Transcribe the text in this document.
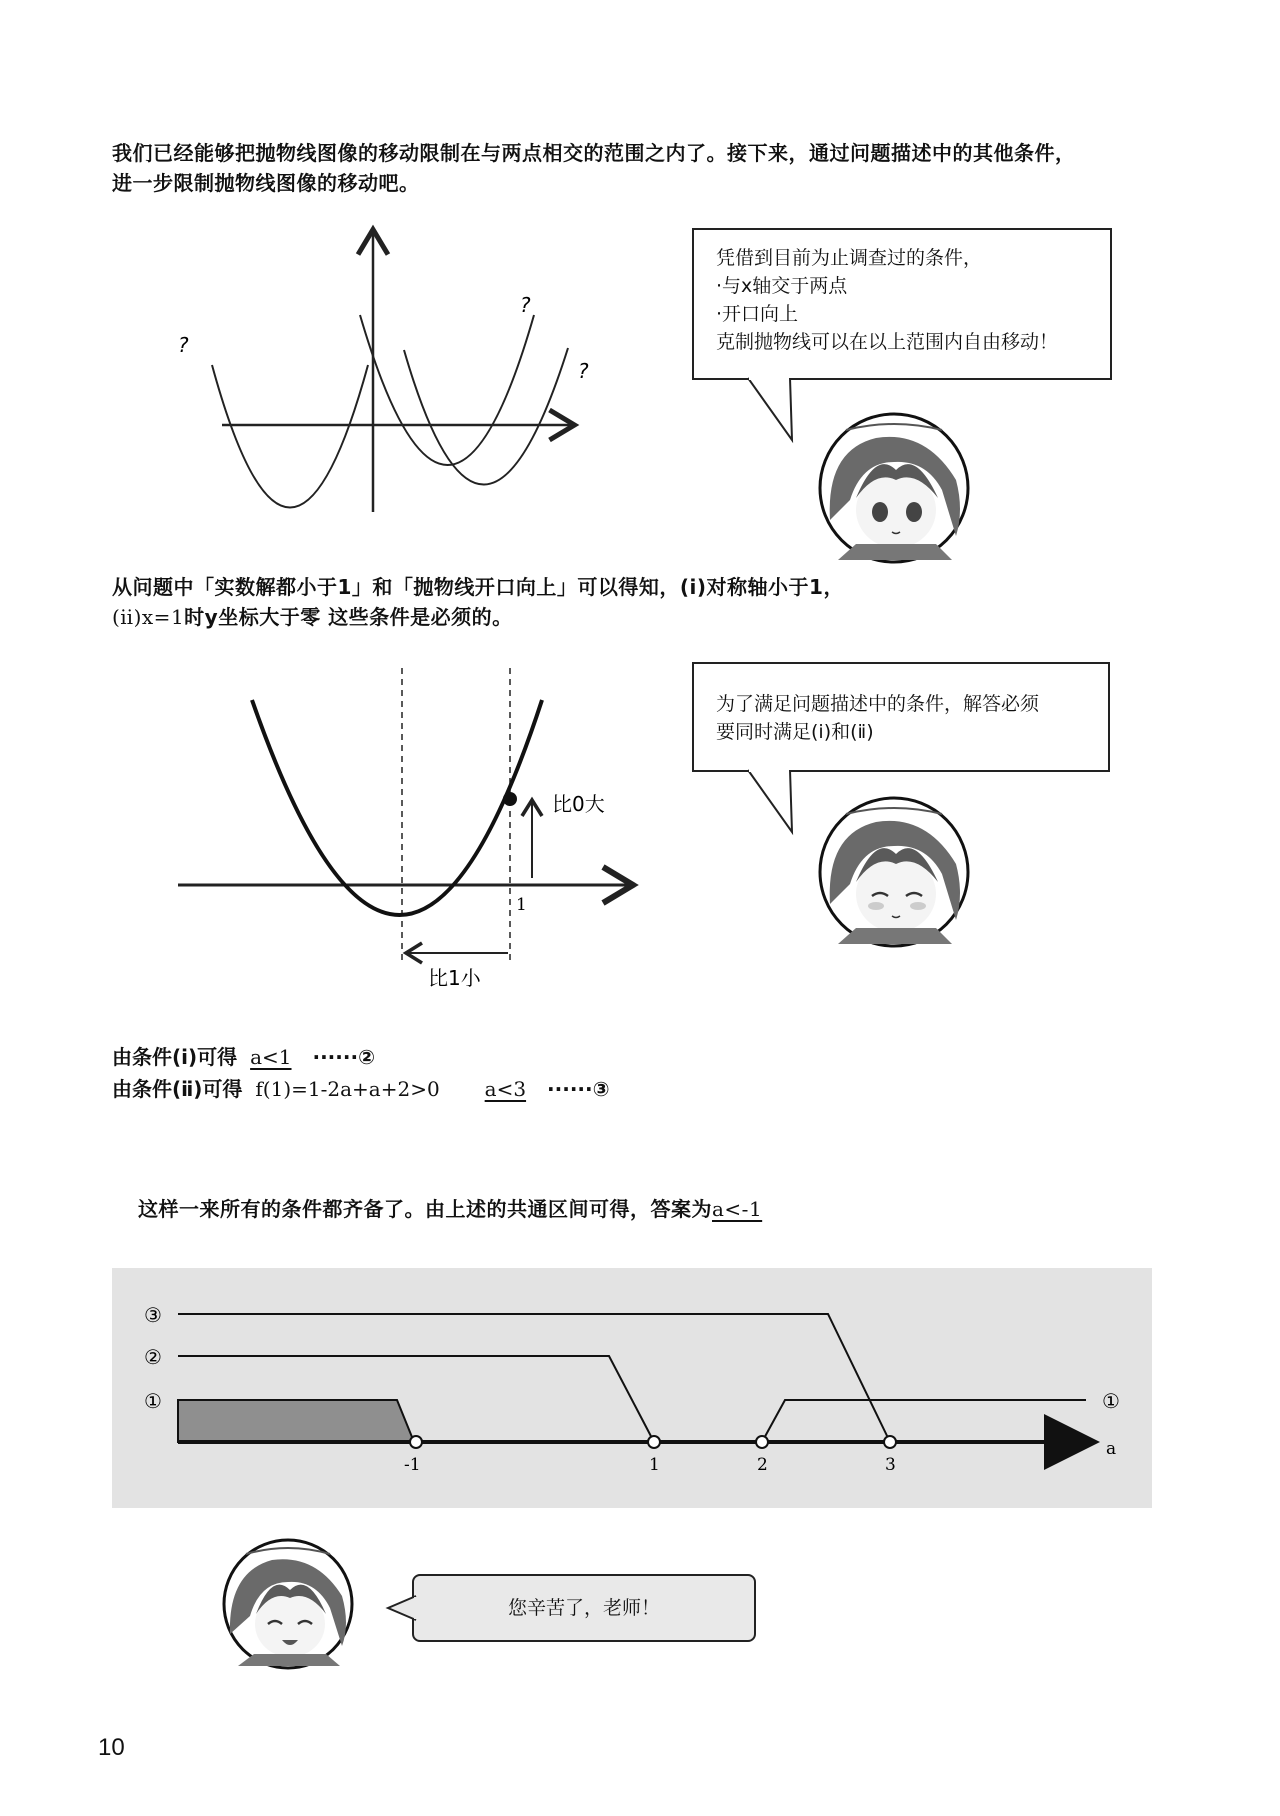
我们已经能够把抛物线图像的移动限制在与两点相交的范围之内了。接下来，通过问题描述中的其他条件，
进一步限制抛物线图像的移动吧。
?
?
?
凭借到目前为止调查过的条件，
·与x轴交于两点
·开口向上
克制抛物线可以在以上范围内自由移动！
从问题中「实数解都小于1」和「抛物线开口向上」可以得知，(ⅰ)对称轴小于1，
(ⅱ)x=1时y坐标大于零 这些条件是必须的。
比0大
1
比1小
为了满足问题描述中的条件，解答必须
要同时满足(ⅰ)和(ⅱ)
由条件(ⅰ)可得 a<1 ······②
由条件(ⅱ)可得 f(1)=1-2a+a+2>0 a<3 ······③
这样一来所有的条件都齐备了。由上述的共通区间可得，答案为a<-1
-1	1	2	3
a
③
②
①	①
您辛苦了，老师！
10
